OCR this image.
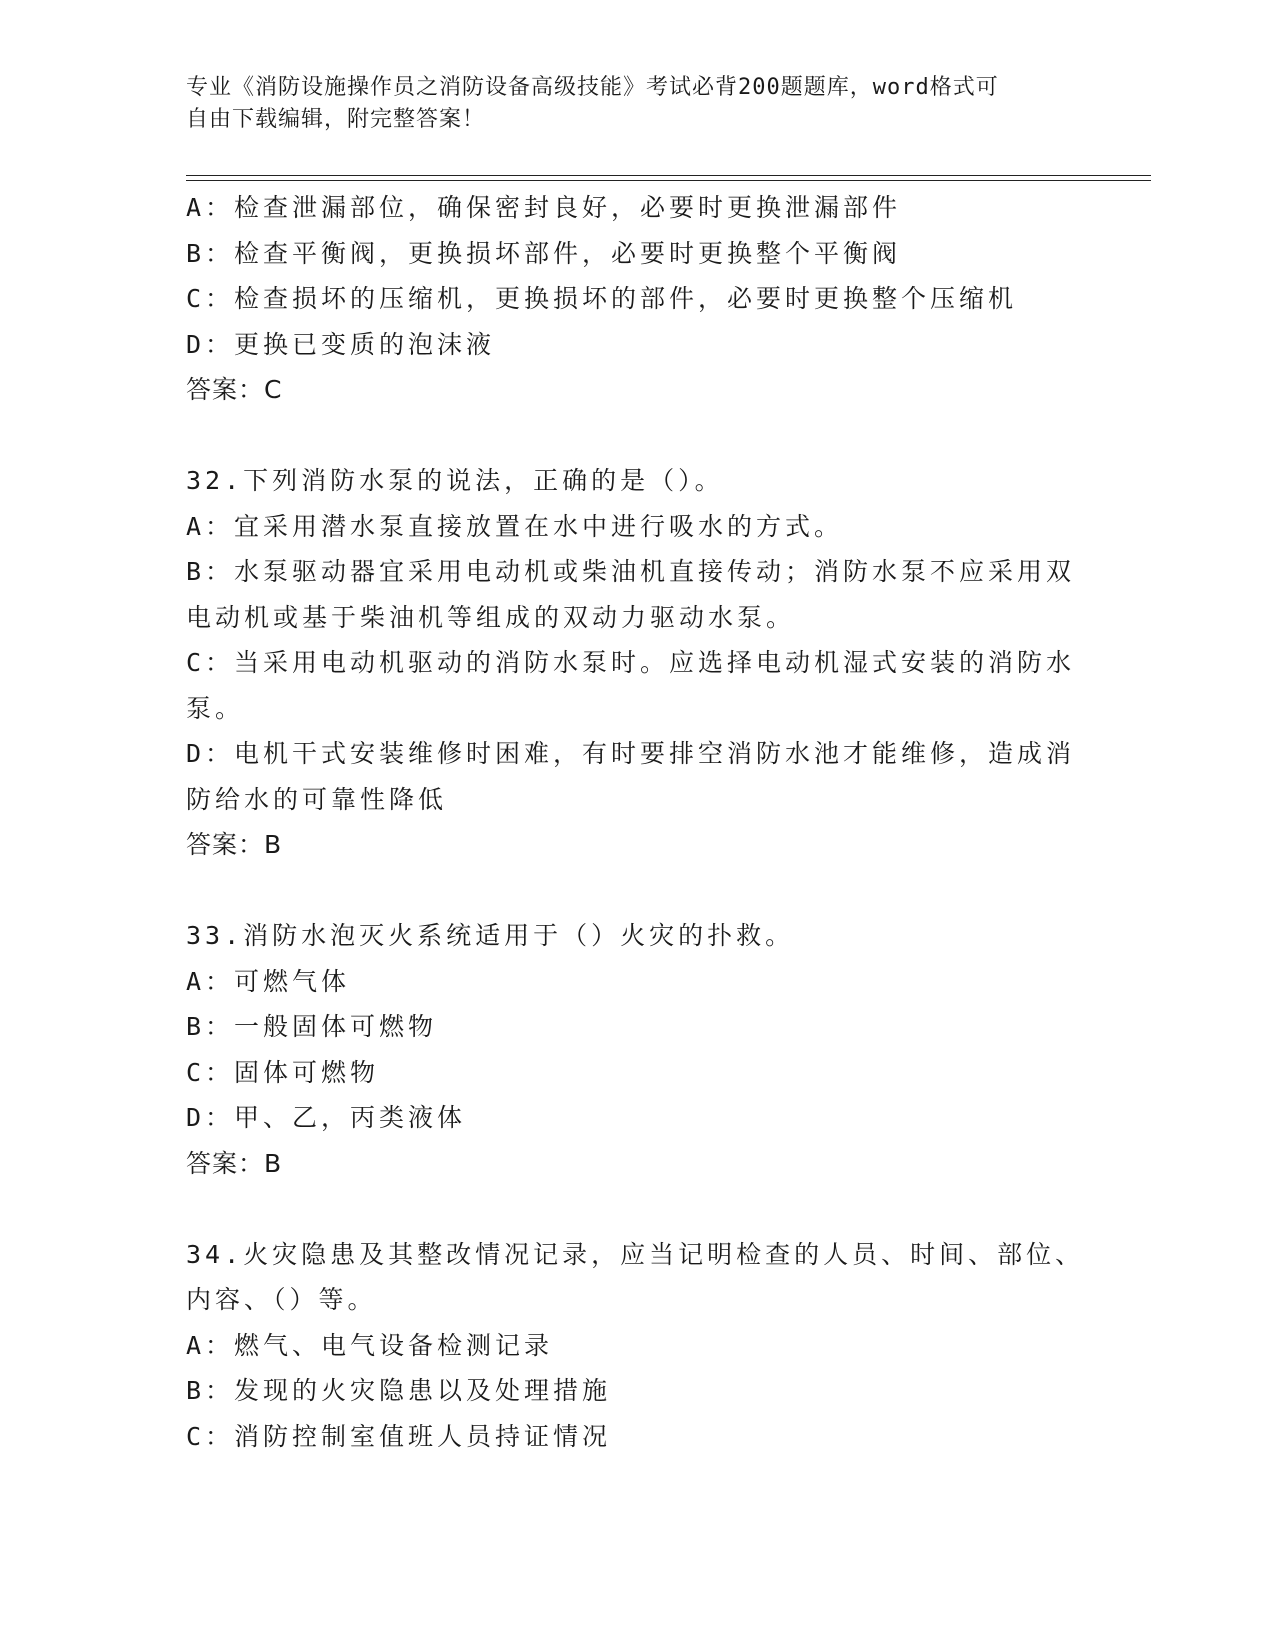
专业《消防设施操作员之消防设备高级技能》考试必背200题题库，word格式可
自由下载编辑，附完整答案！
A：检查泄漏部位，确保密封良好，必要时更换泄漏部件
B：检查平衡阀，更换损坏部件，必要时更换整个平衡阀
C：检查损坏的压缩机，更换损坏的部件，必要时更换整个压缩机
D：更换已变质的泡沫液
答案：C
32.下列消防水泵的说法，正确的是（）。
A：宜采用潜水泵直接放置在水中进行吸水的方式。
B：水泵驱动器宜采用电动机或柴油机直接传动；消防水泵不应采用双
电动机或基于柴油机等组成的双动力驱动水泵。
C：当采用电动机驱动的消防水泵时。应选择电动机湿式安装的消防水
泵。
D：电机干式安装维修时困难，有时要排空消防水池才能维修，造成消
防给水的可靠性降低
答案：B
33.消防水泡灭火系统适用于（）火灾的扑救。
A：可燃气体
B：一般固体可燃物
C：固体可燃物
D：甲、乙，丙类液体
答案：B
34.火灾隐患及其整改情况记录，应当记明检查的人员、时间、部位、
内容、（）等。
A：燃气、电气设备检测记录
B：发现的火灾隐患以及处理措施
C：消防控制室值班人员持证情况
